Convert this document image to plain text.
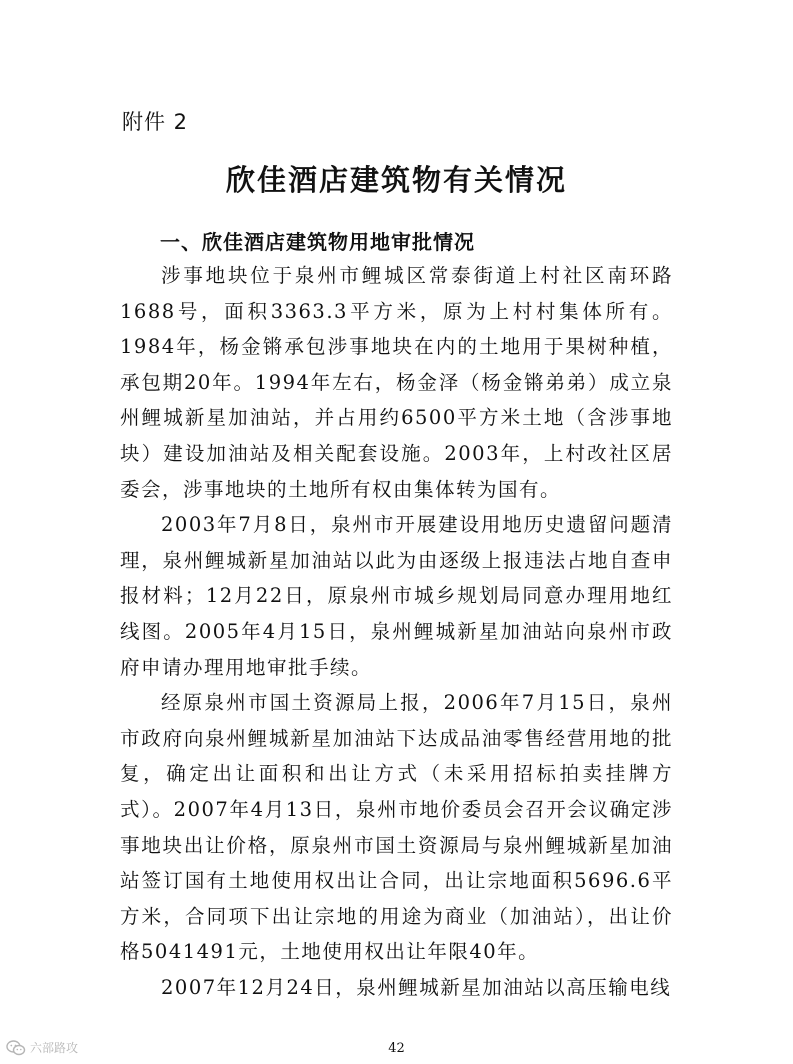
附件 2
欣佳酒店建筑物有关情况
一、欣佳酒店建筑物用地审批情况

涉事地块位于泉州市鲤城区常泰街道上村社区南环路1688号，面积3363.3平方米，原为上村村集体所有。1984年，杨金锵承包涉事地块在内的土地用于果树种植，承包期20年。1994年左右，杨金泽（杨金锵弟弟）成立泉州鲤城新星加油站，并占用约6500平方米土地（含涉事地块）建设加油站及相关配套设施。2003年，上村改社区居委会，涉事地块的土地所有权由集体转为国有。

2003年7月8日，泉州市开展建设用地历史遗留问题清理，泉州鲤城新星加油站以此为由逐级上报违法占地自查申报材料；12月22日，原泉州市城乡规划局同意办理用地红线图。2005年4月15日，泉州鲤城新星加油站向泉州市政府申请办理用地审批手续。

经原泉州市国土资源局上报，2006年7月15日，泉州市政府向泉州鲤城新星加油站下达成品油零售经营用地的批复，确定出让面积和出让方式（未采用招标拍卖挂牌方式）。2007年4月13日，泉州市地价委员会召开会议确定涉事地块出让价格，原泉州市国土资源局与泉州鲤城新星加油站签订国有土地使用权出让合同，出让宗地面积5696.6平方米，合同项下出让宗地的用途为商业（加油站），出让价格5041491元，土地使用权出让年限40年。

2007年12月24日，泉州鲤城新星加油站以高压输电线

42
六部路攻
